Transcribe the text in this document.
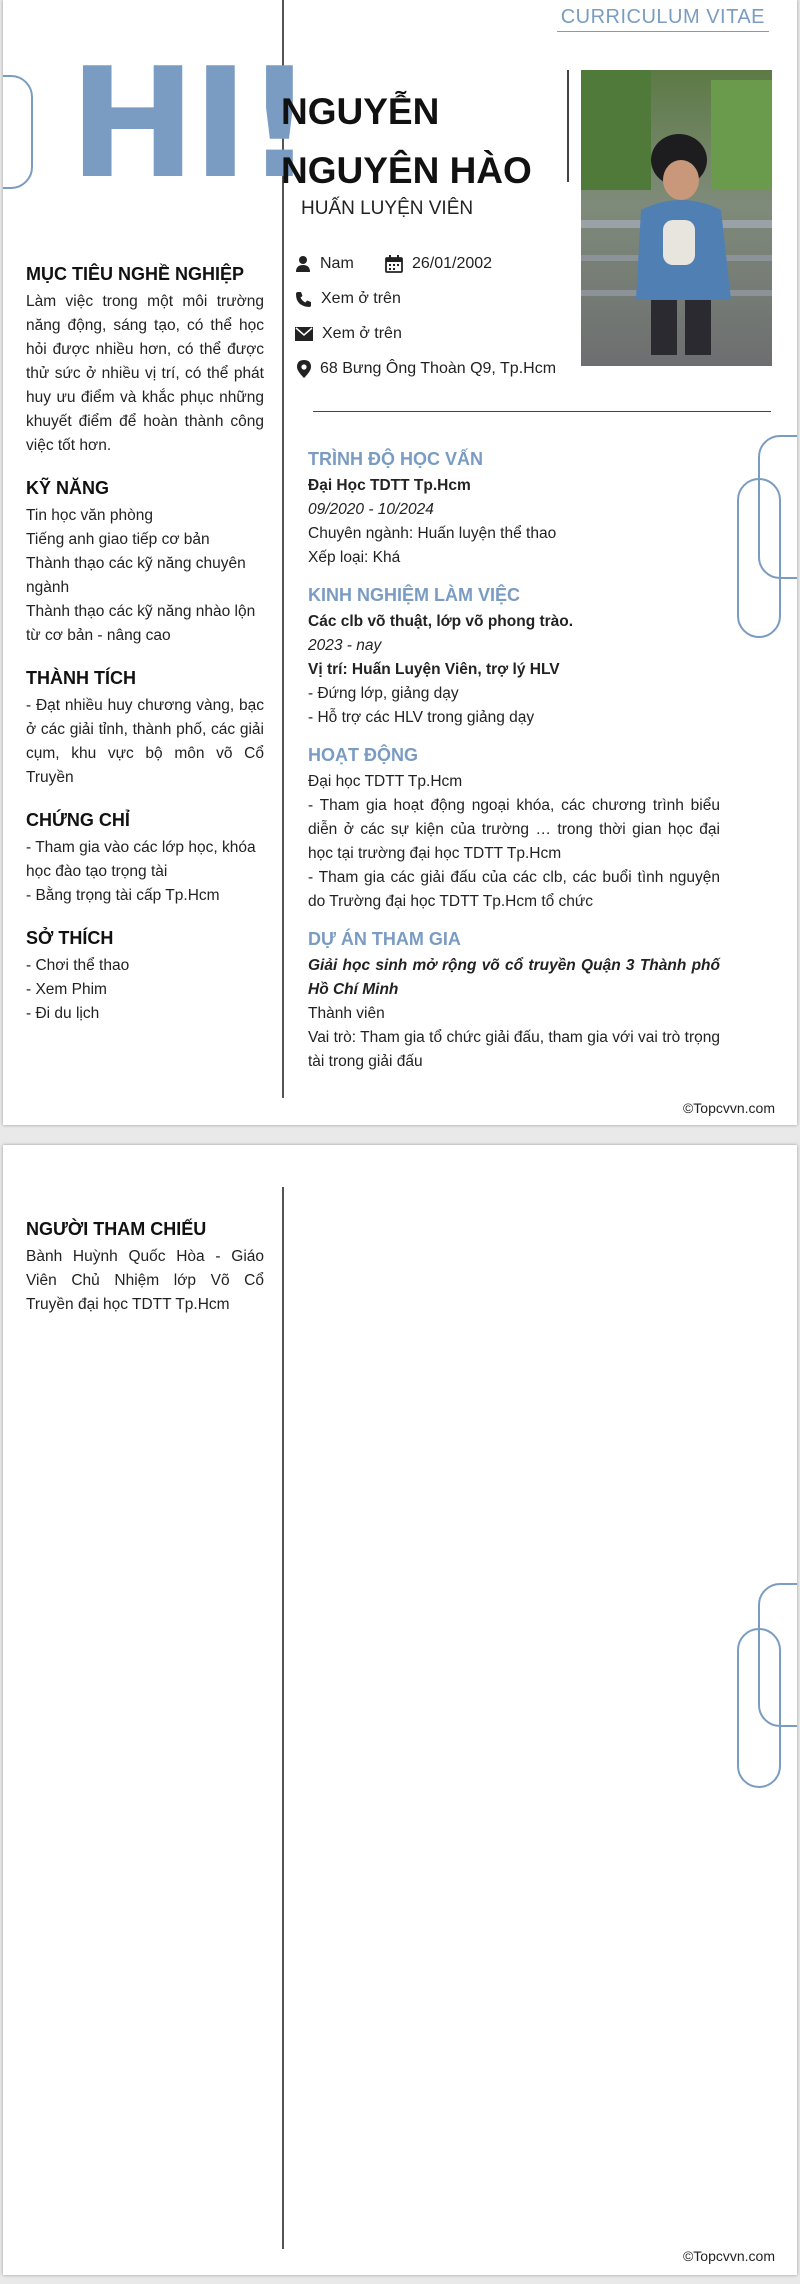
CURRICULUM VITAE
HI!
NGUYỄN
NGUYÊN HÀO
HUẤN LUYỆN VIÊN
Nam	26/01/2002
Xem ở trên
Xem ở trên
68 Bưng Ông Thoàn Q9, Tp.Hcm
MỤC TIÊU NGHỀ NGHIỆP
Làm việc trong một môi trường năng động, sáng tạo, có thể học hỏi được nhiều hơn, có thể được thử sức ở nhiều vị trí, có thể phát huy ưu điểm và khắc phục những khuyết điểm để hoàn thành công việc tốt hơn.
KỸ NĂNG
Tin học văn phòng
Tiếng anh giao tiếp cơ bản
Thành thạo các kỹ năng chuyên ngành
Thành thạo các kỹ năng nhào lộn từ cơ bản - nâng cao
THÀNH TÍCH
- Đạt nhiều huy chương vàng, bạc ở các giải tỉnh, thành phố, các giải cụm, khu vực bộ môn võ Cổ Truyền
CHỨNG CHỈ
- Tham gia vào các lớp học, khóa học đào tạo trọng tài
- Bằng trọng tài cấp Tp.Hcm
SỞ THÍCH
- Chơi thể thao
- Xem Phim
- Đi du lịch
TRÌNH ĐỘ HỌC VẤN
Đại Học TDTT Tp.Hcm
09/2020 - 10/2024
Chuyên ngành: Huấn luyện thể thao
Xếp loại: Khá
KINH NGHIỆM LÀM VIỆC
Các clb võ thuật, lớp võ phong trào.
2023 - nay
Vị trí: Huấn Luyện Viên, trợ lý HLV
- Đứng lớp, giảng dạy
- Hỗ trợ các HLV trong giảng dạy
HOẠT ĐỘNG
Đại học TDTT Tp.Hcm
- Tham gia hoạt động ngoại khóa, các chương trình biểu diễn ở các sự kiện của trường … trong thời gian học đại học tại trường đại học TDTT Tp.Hcm
- Tham gia các giải đấu của các clb, các buổi tình nguyện do Trường đại học TDTT Tp.Hcm tổ chức
DỰ ÁN THAM GIA
Giải học sinh mở rộng võ cổ truyền Quận 3 Thành phố Hồ Chí Minh
Thành viên
Vai trò: Tham gia tổ chức giải đấu, tham gia với vai trò trọng tài trong giải đấu
©Topcvvn.com
NGƯỜI THAM CHIẾU
Bành Huỳnh Quốc Hòa - Giáo Viên Chủ Nhiệm lớp Võ Cổ Truyền đại học TDTT Tp.Hcm
©Topcvvn.com
